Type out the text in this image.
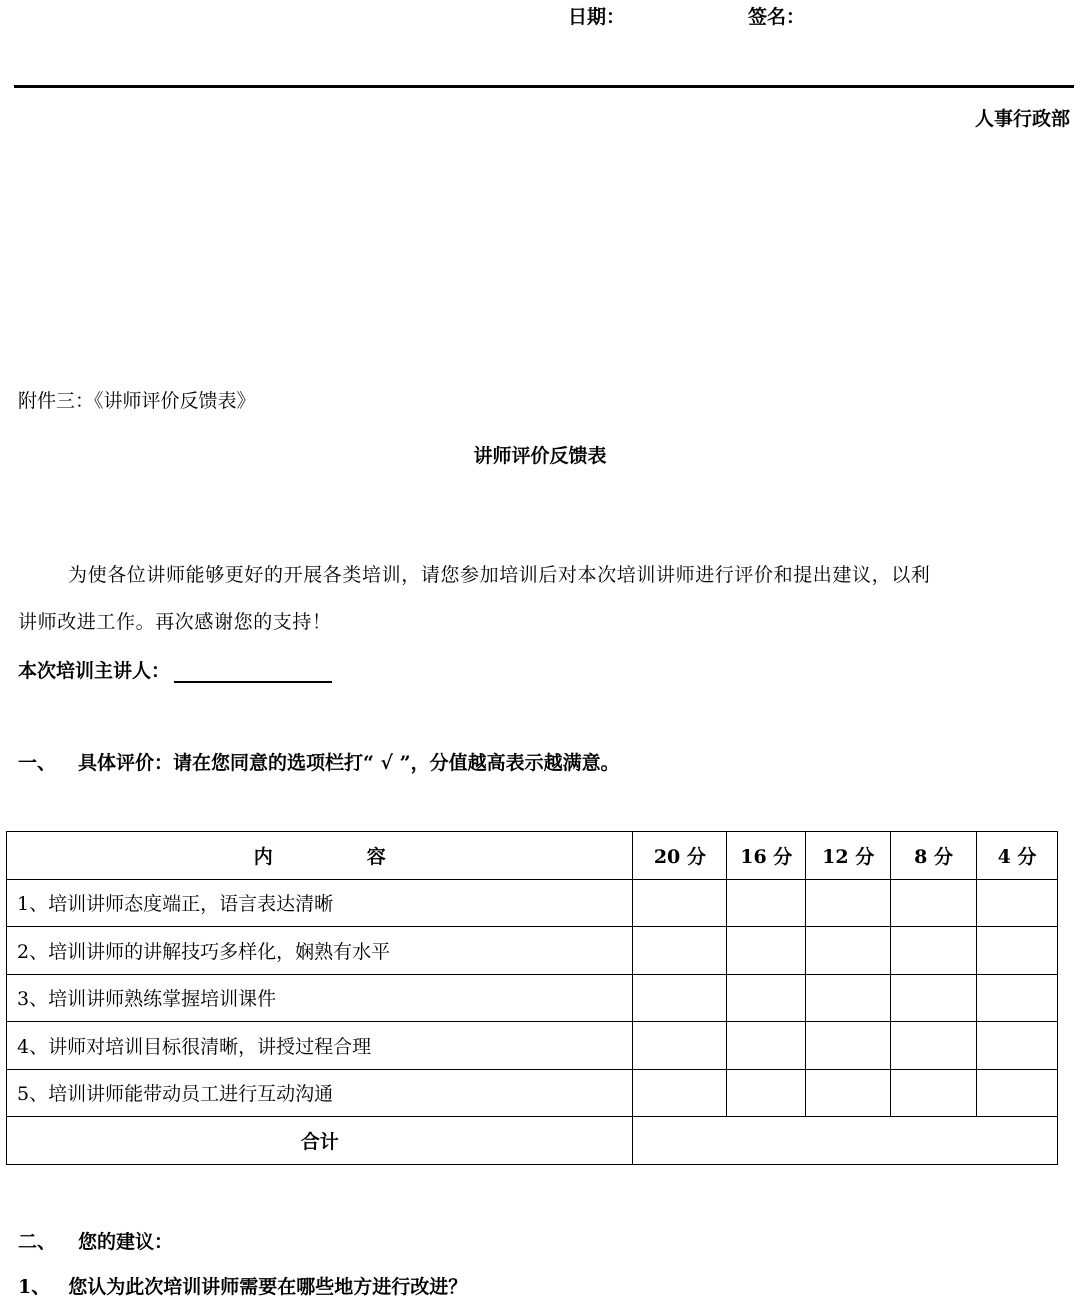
日期：	签名：
人事行政部
附件三：《讲师评价反馈表》
讲师评价反馈表
为使各位讲师能够更好的开展各类培训，请您参加培训后对本次培训讲师进行评价和提出建议，以利
讲师改进工作。再次感谢您的支持！
本次培训主讲人：
一、 具体评价：请在您同意的选项栏打“ √ ”，分值越高表示越满意。
内容	20 分	16 分	12 分	8 分	4 分
1、培训讲师态度端正，语言表达清晰					
2、培训讲师的讲解技巧多样化，娴熟有水平					
3、培训讲师熟练掌握培训课件					
4、讲师对培训目标很清晰，讲授过程合理					
5、培训讲师能带动员工进行互动沟通					
合计					
二、 您的建议：
1、 您认为此次培训讲师需要在哪些地方进行改进？
